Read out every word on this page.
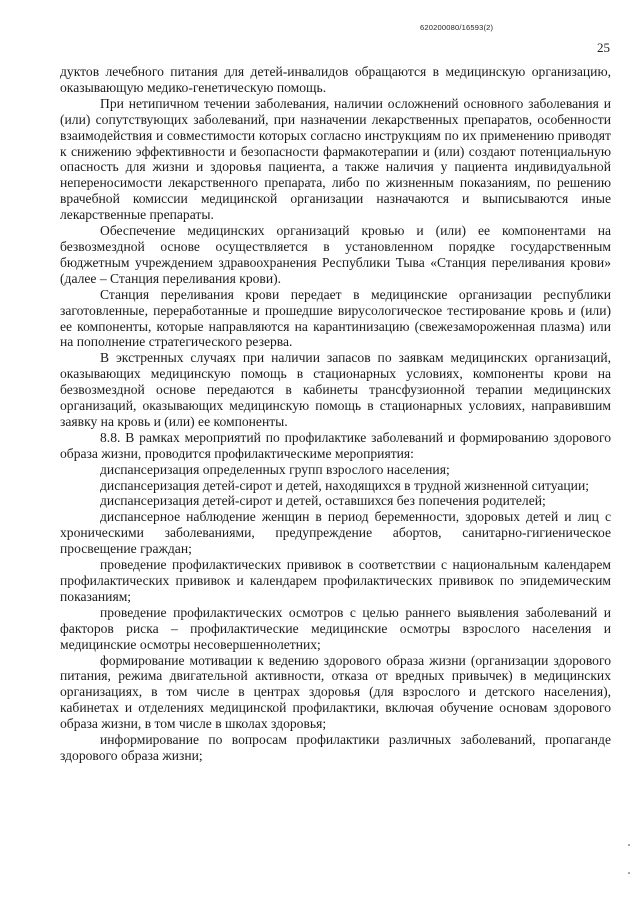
620200080/16593(2)
25

дуктов лечебного питания для детей-инвалидов обращаются в медицинскую организацию, оказывающую медико-генетическую помощь.

При нетипичном течении заболевания, наличии осложнений основного заболевания и (или) сопутствующих заболеваний, при назначении лекарственных препаратов, особенности взаимодействия и совместимости которых согласно инструкциям по их применению приводят к снижению эффективности и безопасности фармакотерапии и (или) создают потенциальную опасность для жизни и здоровья пациента, а также наличия у пациента индивидуальной непереносимости лекарственного препарата, либо по жизненным показаниям, по решению врачебной комиссии медицинской организации назначаются и выписываются иные лекарственные препараты.

Обеспечение медицинских организаций кровью и (или) ее компонентами на безвозмездной основе осуществляется в установленном порядке государственным бюджетным учреждением здравоохранения Республики Тыва «Станция переливания крови» (далее – Станция переливания крови).

Станция переливания крови передает в медицинские организации республики заготовленные, переработанные и прошедшие вирусологическое тестирование кровь и (или) ее компоненты, которые направляются на карантинизацию (свежезамороженная плазма) или на пополнение стратегического резерва.

В экстренных случаях при наличии запасов по заявкам медицинских организаций, оказывающих медицинскую помощь в стационарных условиях, компоненты крови на безвозмездной основе передаются в кабинеты трансфузионной терапии медицинских организаций, оказывающих медицинскую помощь в стационарных условиях, направившим заявку на кровь и (или) ее компоненты.

8.8. В рамках мероприятий по профилактике заболеваний и формированию здорового образа жизни, проводится профилактическиме мероприятия:

диспансеризация определенных групп взрослого населения;

диспансеризация детей-сирот и детей, находящихся в трудной жизненной ситуации;

диспансеризация детей-сирот и детей, оставшихся без попечения родителей;

диспансерное наблюдение женщин в период беременности, здоровых детей и лиц с хроническими заболеваниями, предупреждение абортов, санитарно-гигиеническое просвещение граждан;

проведение профилактических прививок в соответствии с национальным календарем профилактических прививок и календарем профилактических прививок по эпидемическим показаниям;

проведение профилактических осмотров с целью раннего выявления заболеваний и факторов риска – профилактические медицинские осмотры взрослого населения и медицинские осмотры несовершеннолетних;

формирование мотивации к ведению здорового образа жизни (организации здорового питания, режима двигательной активности, отказа от вредных привычек) в медицинских организациях, в том числе в центрах здоровья (для взрослого и детского населения), кабинетах и отделениях медицинской профилактики, включая обучение основам здорового образа жизни, в том числе в школах здоровья;

информирование по вопросам профилактики различных заболеваний, пропаганде здорового образа жизни;
